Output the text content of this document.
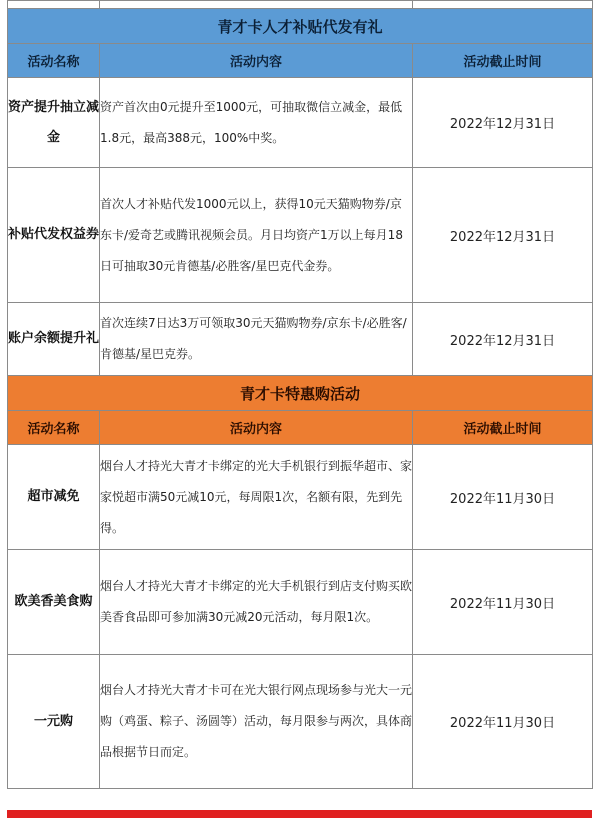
青才卡人才补贴代发有礼		
活动名称	活动内容	活动截止时间
资产提升抽立减金	资产首次由0元提升至1000元，可抽取微信立减金，最低1.8元，最高388元，100%中奖。	2022年12月31日
补贴代发权益券	首次人才补贴代发1000元以上，获得10元天猫购物券/京东卡/爱奇艺或腾讯视频会员。月日均资产1万以上每月18日可抽取30元肯德基/必胜客/星巴克代金券。	2022年12月31日
账户余额提升礼	首次连续7日达3万可领取30元天猫购物券/京东卡/必胜客/肯德基/星巴克券。	2022年12月31日
青才卡特惠购活动		
活动名称	活动内容	活动截止时间
超市减免	烟台人才持光大青才卡绑定的光大手机银行到振华超市、家家悦超市满50元减10元，每周限1次，名额有限，先到先得。	2022年11月30日
欧美香美食购	烟台人才持光大青才卡绑定的光大手机银行到店支付购买欧美香食品即可参加满30元减20元活动，每月限1次。	2022年11月30日
一元购	烟台人才持光大青才卡可在光大银行网点现场参与光大一元购（鸡蛋、粽子、汤圆等）活动，每月限参与两次，具体商品根据节日而定。	2022年11月30日
